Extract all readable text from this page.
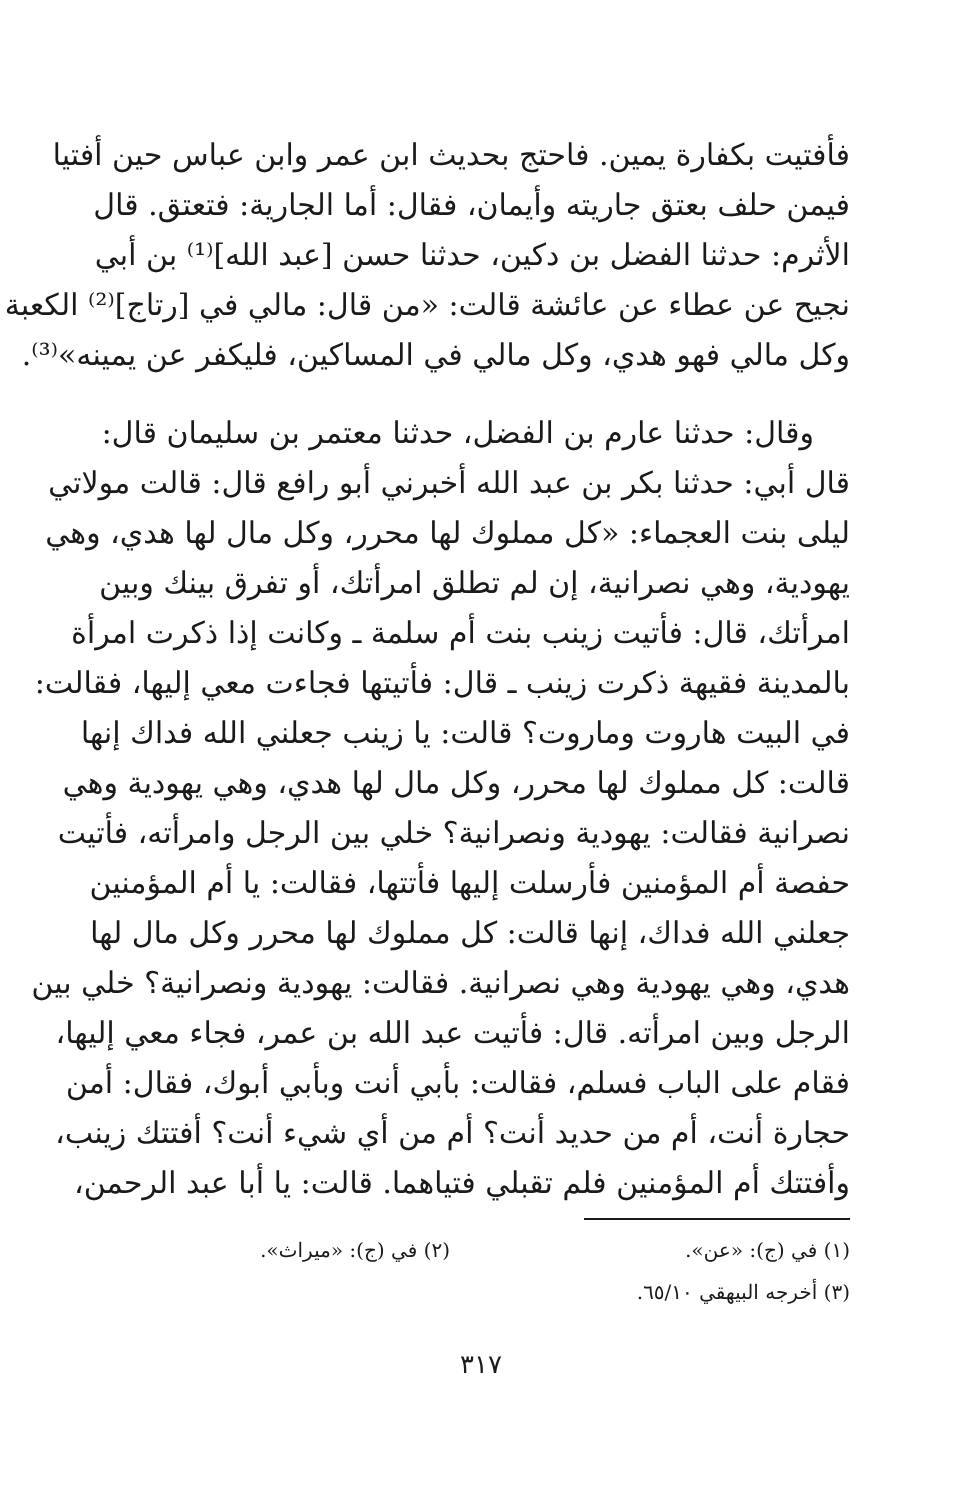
فأفتيت بكفارة يمين. فاحتج بحديث ابن عمر وابن عباس حين أفتيا
فيمن حلف بعتق جاريته وأيمان، فقال: أما الجارية: فتعتق. قال
الأثرم: حدثنا الفضل بن دكين، حدثنا حسن [عبد الله]⁽¹⁾ بن أبي
نجيح عن عطاء عن عائشة قالت: «من قال: مالي في [رتاج]⁽²⁾ الكعبة
وكل مالي فهو هدي، وكل مالي في المساكين، فليكفر عن يمينه»⁽³⁾.
وقال: حدثنا عارم بن الفضل، حدثنا معتمر بن سليمان قال:
قال أبي: حدثنا بكر بن عبد الله أخبرني أبو رافع قال: قالت مولاتي
ليلى بنت العجماء: «كل مملوك لها محرر، وكل مال لها هدي، وهي
يهودية، وهي نصرانية، إن لم تطلق امرأتك، أو تفرق بينك وبين
امرأتك، قال: فأتيت زينب بنت أم سلمة ـ وكانت إذا ذكرت امرأة
بالمدينة فقيهة ذكرت زينب ـ قال: فأتيتها فجاءت معي إليها، فقالت:
في البيت هاروت وماروت؟ قالت: يا زينب جعلني الله فداك إنها
قالت: كل مملوك لها محرر، وكل مال لها هدي، وهي يهودية وهي
نصرانية فقالت: يهودية ونصرانية؟ خلي بين الرجل وامرأته، فأتيت
حفصة أم المؤمنين فأرسلت إليها فأتتها، فقالت: يا أم المؤمنين
جعلني الله فداك، إنها قالت: كل مملوك لها محرر وكل مال لها
هدي، وهي يهودية وهي نصرانية. فقالت: يهودية ونصرانية؟ خلي بين
الرجل وبين امرأته. قال: فأتيت عبد الله بن عمر، فجاء معي إليها،
فقام على الباب فسلم، فقالت: بأبي أنت وبأبي أبوك، فقال: أمن
حجارة أنت، أم من حديد أنت؟ أم من أي شيء أنت؟ أفتتك زينب،
وأفتتك أم المؤمنين فلم تقبلي فتياهما. قالت: يا أبا عبد الرحمن،
(١) في (ج): «عن».
(٢) في (ج): «ميراث».
(٣) أخرجه البيهقي ٦٥/١٠.
٣١٧
